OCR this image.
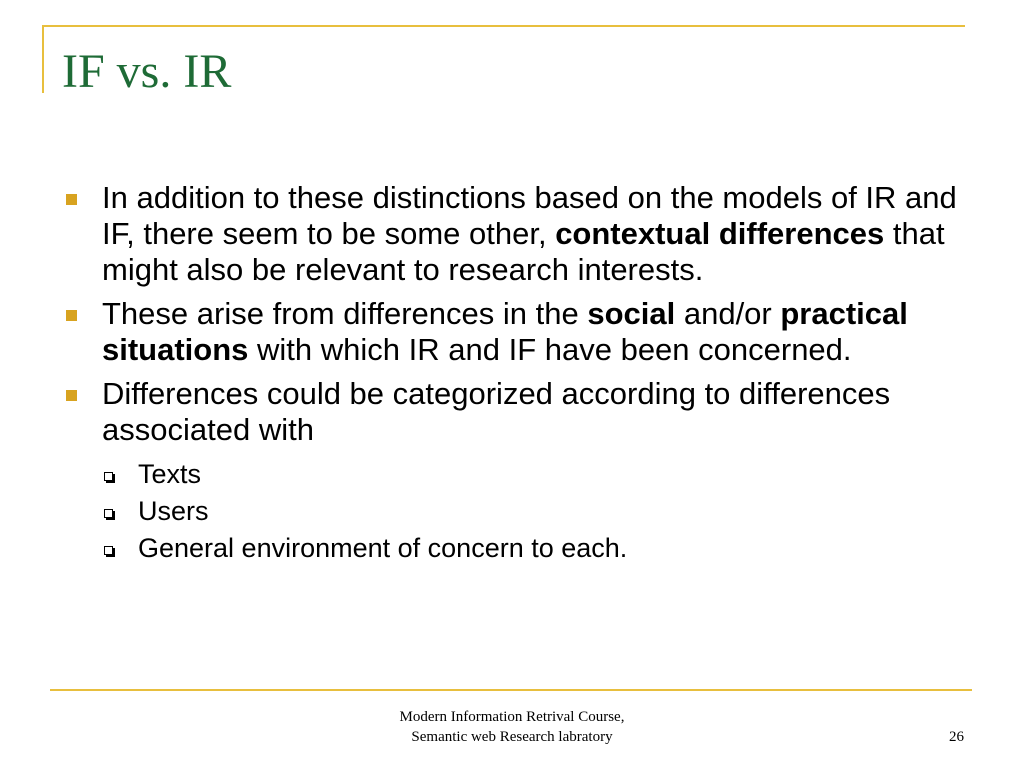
IF vs. IR
In addition to these distinctions based on the models of IR and IF, there seem to be some other, contextual differences that might also be relevant to research interests.
These arise from differences in the social and/or practical situations with which IR and IF have been concerned.
Differences could be categorized according to differences associated with
Texts
Users
General environment of concern to each.
Modern Information Retrival Course,
Semantic web Research labratory	26
